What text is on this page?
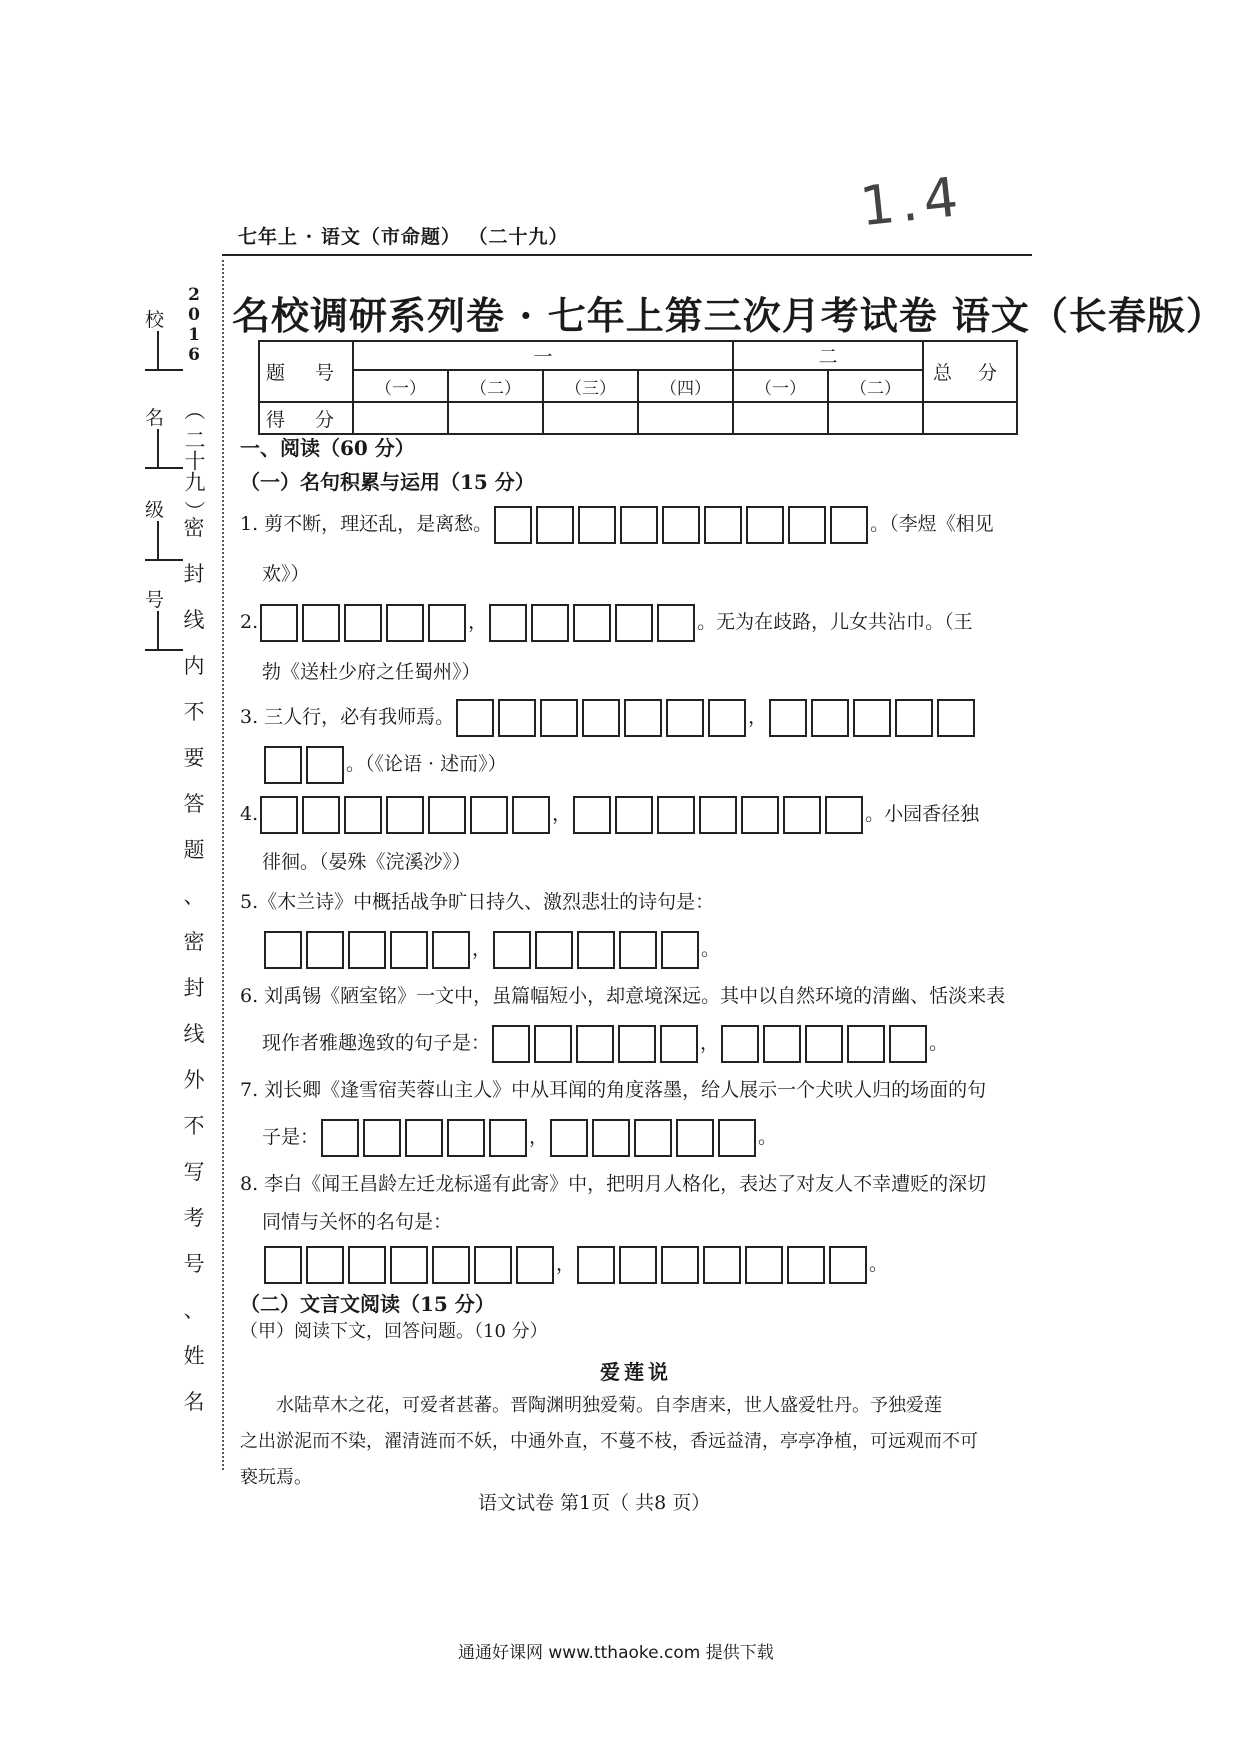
1.4
七年上 · 语文（市命题） （二十九）
名校调研系列卷 · 七年上第三次月考试卷 语文（长春版）
校
名
级
号
2016
（
二十九
）
密
封
线
内
不
要
答
题
、
密
封
线
外
不
写
考
号
、
姓
名
题 号	一				二		总 分
	（一）	（二）	（三）	（四）	（一）	（二）	
得 分							
一、阅读（60 分）
（一）名句积累与运用（15 分）
1. 剪不断，理还乱，是离愁。	。（李煜《相见
欢》）
2.	，	。无为在歧路，儿女共沾巾。（王
勃《送杜少府之任蜀州》）
3. 三人行，必有我师焉。	，
。（《论语 · 述而》）
4.	，	。小园香径独
徘徊。（晏殊《浣溪沙》）
5.《木兰诗》中概括战争旷日持久、激烈悲壮的诗句是：
，	。
6. 刘禹锡《陋室铭》一文中，虽篇幅短小，却意境深远。其中以自然环境的清幽、恬淡来表
现作者雅趣逸致的句子是：	，	。
7. 刘长卿《逢雪宿芙蓉山主人》中从耳闻的角度落墨，给人展示一个犬吠人归的场面的句
子是：	，	。
8. 李白《闻王昌龄左迁龙标遥有此寄》中，把明月人格化，表达了对友人不幸遭贬的深切
同情与关怀的名句是：
，	。
（二）文言文阅读（15 分）
（甲）阅读下文，回答问题。（10 分）
爱莲说
水陆草木之花，可爱者甚蕃。晋陶渊明独爱菊。自李唐来，世人盛爱牡丹。予独爱莲
之出淤泥而不染，濯清涟而不妖，中通外直，不蔓不枝，香远益清，亭亭净植，可远观而不可
亵玩焉。
语文试卷 第1页（ 共8 页）
通通好课网 www.tthaoke.com 提供下载
